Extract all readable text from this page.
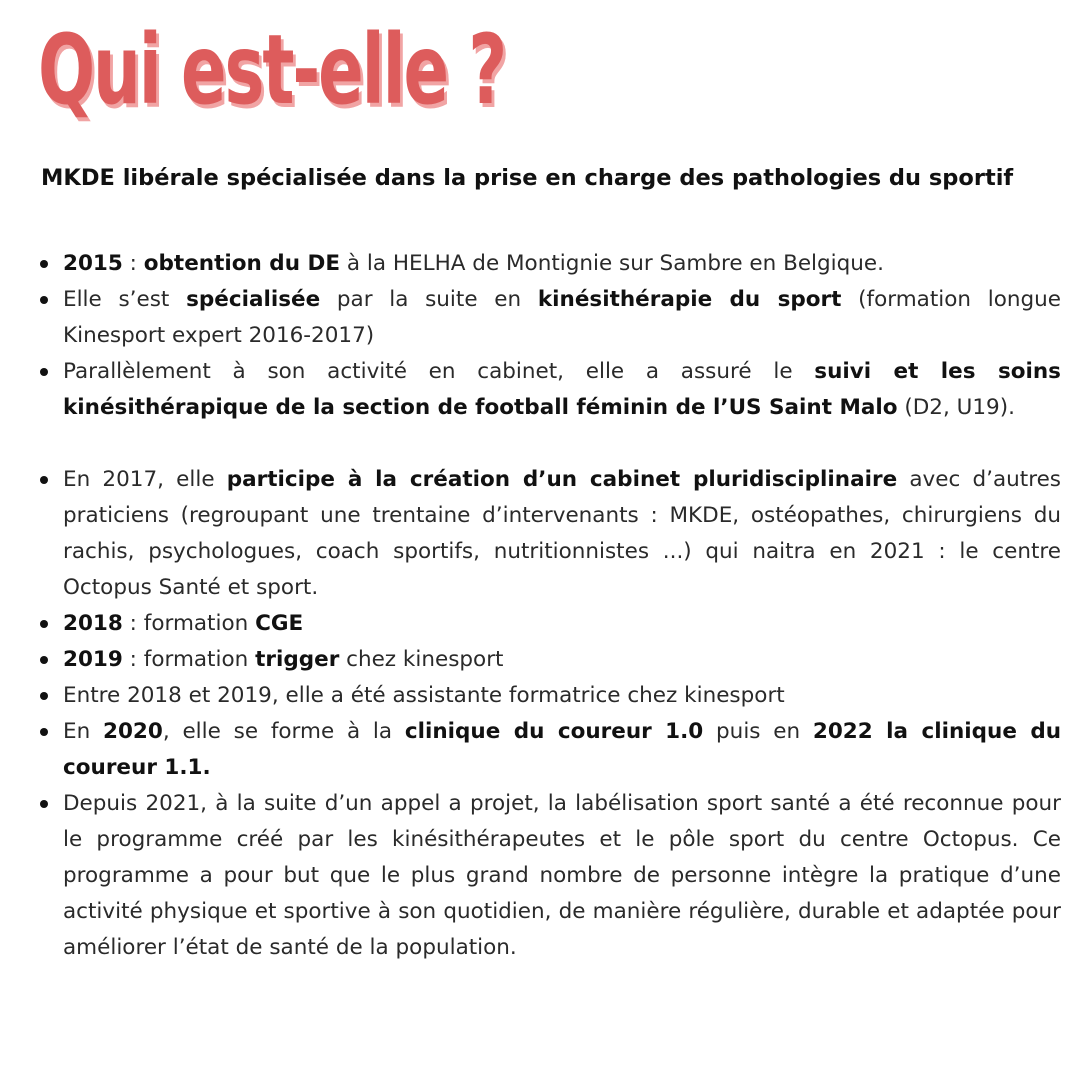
Qui est-elle ?

MKDE libérale spécialisée dans la prise en charge des pathologies du sportif

2015 : obtention du DE à la HELHA de Montignie sur Sambre en Belgique.
Elle s’est spécialisée par la suite en kinésithérapie du sport (formation longue Kinesport expert 2016-2017)
Parallèlement à son activité en cabinet, elle a assuré le suivi et les soins kinésithérapique de la section de football féminin de l’US Saint Malo (D2, U19).
En 2017, elle participe à la création d’un cabinet pluridisciplinaire avec d’autres praticiens (regroupant une trentaine d’intervenants : MKDE, ostéopathes, chirurgiens du rachis, psychologues, coach sportifs, nutritionnistes ...) qui naitra en 2021 : le centre Octopus Santé et sport.
2018 : formation CGE
2019 : formation trigger chez kinesport
Entre 2018 et 2019, elle a été assistante formatrice chez kinesport
En 2020, elle se forme à la clinique du coureur 1.0 puis en 2022 la clinique du coureur 1.1.
Depuis 2021, à la suite d’un appel a projet, la labélisation sport santé a été reconnue pour le programme créé par les kinésithérapeutes et le pôle sport du centre Octopus. Ce programme a pour but que le plus grand nombre de personne intègre la pratique d’une activité physique et sportive à son quotidien, de manière régulière, durable et adaptée pour améliorer l’état de santé de la population.
